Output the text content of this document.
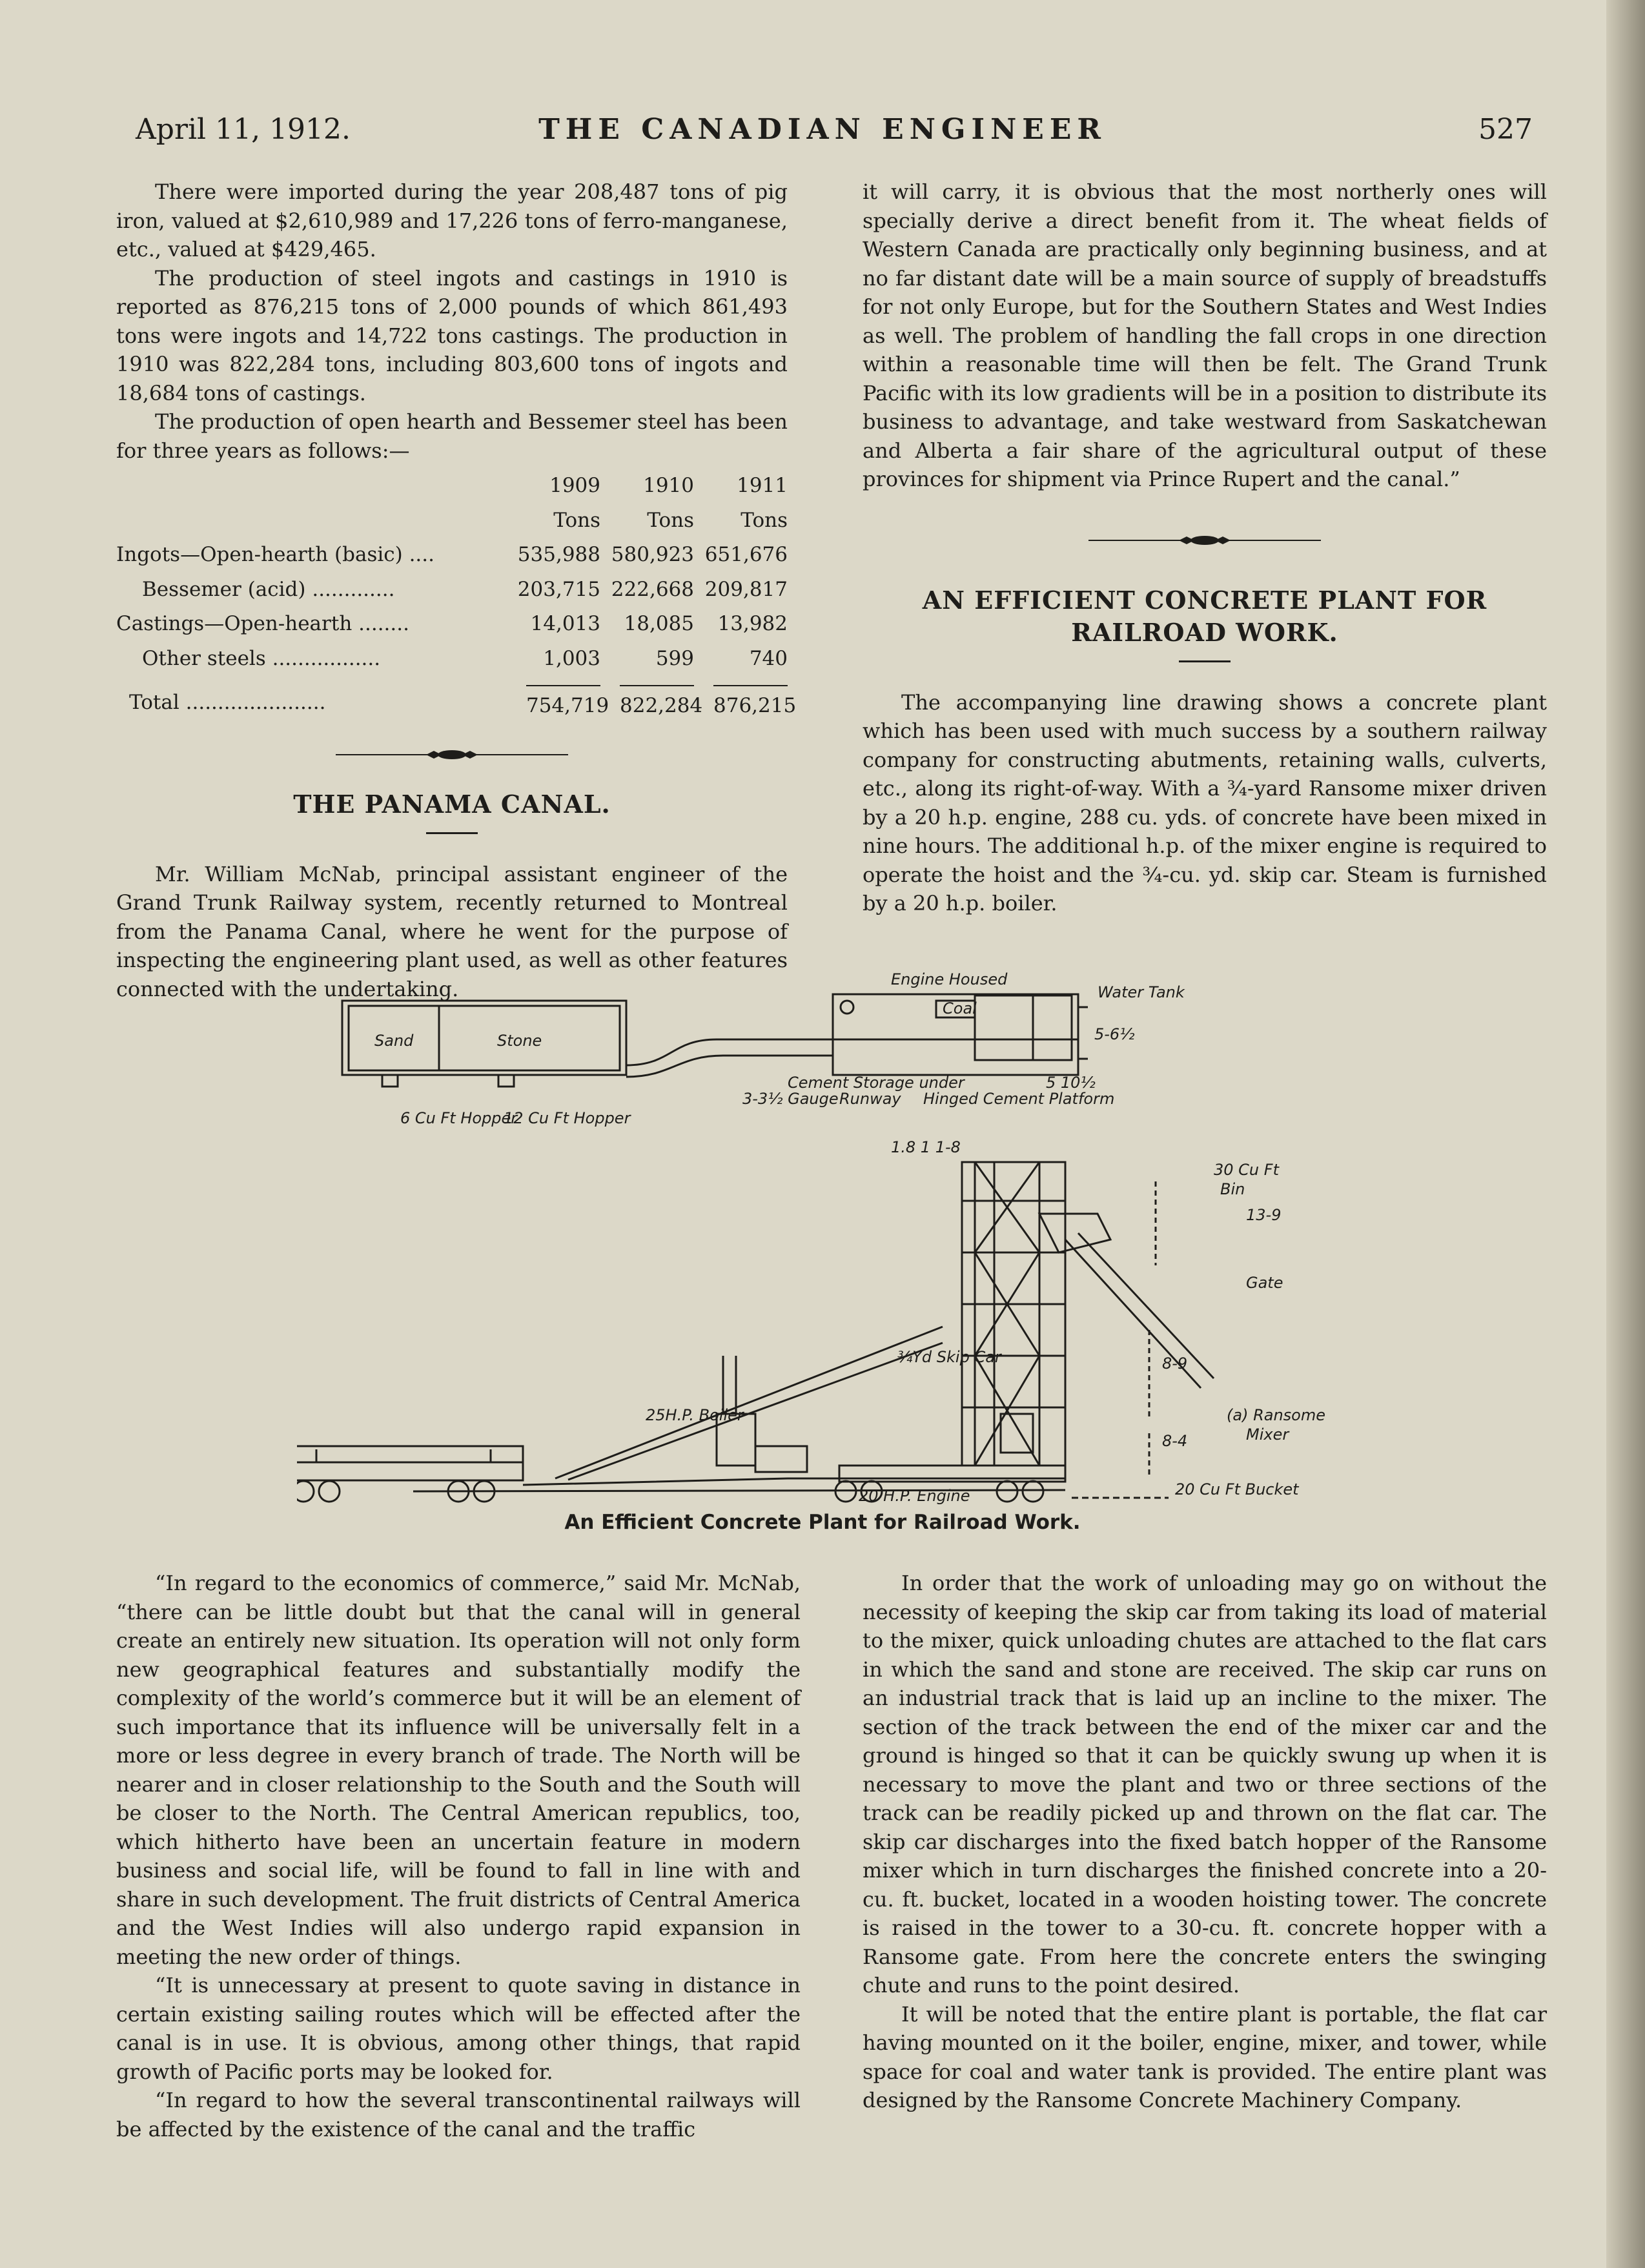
THE CANADIAN ENGINEER
April 11, 1912.	527

There were imported during the year 208,487 tons of pig iron, valued at $2,610,989 and 17,226 tons of ferro-manganese, etc., valued at $429,465.

The production of steel ingots and castings in 1910 is reported as 876,215 tons of 2,000 pounds of which 861,493 tons were ingots and 14,722 tons castings. The production in 1910 was 822,284 tons, including 803,600 tons of ingots and 18,684 tons of castings.

The production of open hearth and Bessemer steel has been for three years as follows:—

	1909	1910	1911
	Tons	Tons	Tons
Ingots—Open-hearth (basic) ....	535,988	580,923	651,676
Bessemer (acid) .............	203,715	222,668	209,817
Castings—Open-hearth ........	14,013	18,085	13,982
Other steels .................	1,003	599	740
Total ......................	754,719	822,284	876,215
THE PANAMA CANAL.

Mr. William McNab, principal assistant engineer of the Grand Trunk Railway system, recently returned to Montreal from the Panama Canal, where he went for the purpose of inspecting the engineering plant used, as well as other features connected with the undertaking.

it will carry, it is obvious that the most northerly ones will specially derive a direct benefit from it. The wheat fields of Western Canada are practically only beginning business, and at no far distant date will be a main source of supply of breadstuffs for not only Europe, but for the Southern States and West Indies as well. The problem of handling the fall crops in one direction within a reasonable time will then be felt. The Grand Trunk Pacific with its low gradients will be in a position to distribute its business to advantage, and take westward from Saskatchewan and Alberta a fair share of the agricultural output of these provinces for shipment via Prince Rupert and the canal.”

AN EFFICIENT CONCRETE PLANT FOR
RAILROAD WORK.

The accompanying line drawing shows a concrete plant which has been used with much success by a southern railway company for constructing abutments, retaining walls, culverts, etc., along its right-of-way. With a ¾-yard Ransome mixer driven by a 20 h.p. engine, 288 cu. yds. of concrete have been mixed in nine hours. The additional h.p. of the mixer engine is required to operate the hoist and the ¾-cu. yd. skip car. Steam is furnished by a 20 h.p. boiler.

Sand	Stone
Engine Housed
Coal
Water Tank
5-6½
5 10½
6 Cu Ft Hopper
12 Cu Ft Hopper
Cement Storage under
3-3½ Gauge Runway Hinged Cement Platform
1.8 1 1-8
30 Cu Ft
Bin
13-9
Gate
¾Yd Skip Car
25H.P. Boiler	(a) Ransome
Mixer
8-9
8-4
20 H.P. Engine	20 Cu Ft Bucket
An Efficient Concrete Plant for Railroad Work.

“In regard to the economics of commerce,” said Mr. McNab, “there can be little doubt but that the canal will in general create an entirely new situation. Its operation will not only form new geographical features and substantially modify the complexity of the world’s commerce but it will be an element of such importance that its influence will be universally felt in a more or less degree in every branch of trade. The North will be nearer and in closer relationship to the South and the South will be closer to the North. The Central American republics, too, which hitherto have been an uncertain feature in modern business and social life, will be found to fall in line with and share in such development. The fruit districts of Central America and the West Indies will also undergo rapid expansion in meeting the new order of things.

“It is unnecessary at present to quote saving in distance in certain existing sailing routes which will be effected after the canal is in use. It is obvious, among other things, that rapid growth of Pacific ports may be looked for.

“In regard to how the several transcontinental railways will be affected by the existence of the canal and the traffic

In order that the work of unloading may go on without the necessity of keeping the skip car from taking its load of material to the mixer, quick unloading chutes are attached to the flat cars in which the sand and stone are received. The skip car runs on an industrial track that is laid up an incline to the mixer. The section of the track between the end of the mixer car and the ground is hinged so that it can be quickly swung up when it is necessary to move the plant and two or three sections of the track can be readily picked up and thrown on the flat car. The skip car discharges into the fixed batch hopper of the Ransome mixer which in turn discharges the finished concrete into a 20-cu. ft. bucket, located in a wooden hoisting tower. The concrete is raised in the tower to a 30-cu. ft. concrete hopper with a Ransome gate. From here the concrete enters the swinging chute and runs to the point desired.

It will be noted that the entire plant is portable, the flat car having mounted on it the boiler, engine, mixer, and tower, while space for coal and water tank is provided. The entire plant was designed by the Ransome Concrete Machinery Company.
